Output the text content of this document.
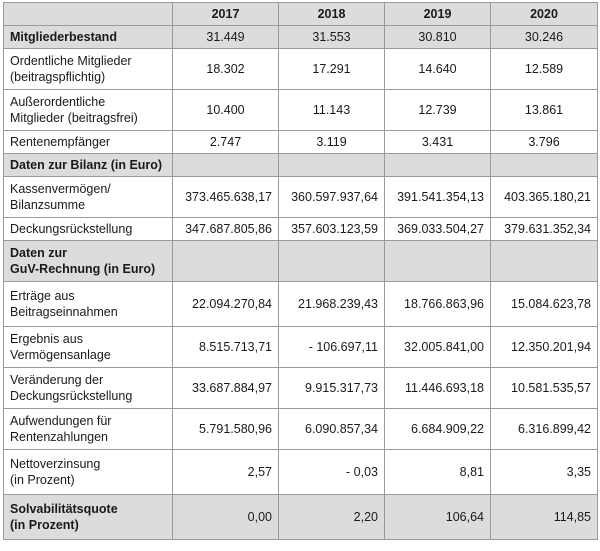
	2017	2018	2019	2020
Mitgliederbestand	31.449	31.553	30.810	30.246
Ordentliche Mitglieder
(beitragspflichtig)	18.302	17.291	14.640	12.589
Außerordentliche
Mitglieder (beitragsfrei)	10.400	11.143	12.739	13.861
Rentenempfänger	2.747	3.119	3.431	3.796
Daten zur Bilanz (in Euro)				
Kassenvermögen/
Bilanzsumme	373.465.638,17	360.597.937,64	391.541.354,13	403.365.180,21
Deckungsrückstellung	347.687.805,86	357.603.123,59	369.033.504,27	379.631.352,34
Daten zur
GuV-Rechnung (in Euro)				
Erträge aus
Beitragseinnahmen	22.094.270,84	21.968.239,43	18.766.863,96	15.084.623,78
Ergebnis aus
Vermögensanlage	8.515.713,71	- 106.697,11	32.005.841,00	12.350.201,94
Veränderung der
Deckungsrückstellung	33.687.884,97	9.915.317,73	11.446.693,18	10.581.535,57
Aufwendungen für
Rentenzahlungen	5.791.580,96	6.090.857,34	6.684.909,22	6.316.899,42
Nettoverzinsung
(in Prozent)	2,57	- 0,03	8,81	3,35
Solvabilitätsquote
(in Prozent)	0,00	2,20	106,64	114,85
